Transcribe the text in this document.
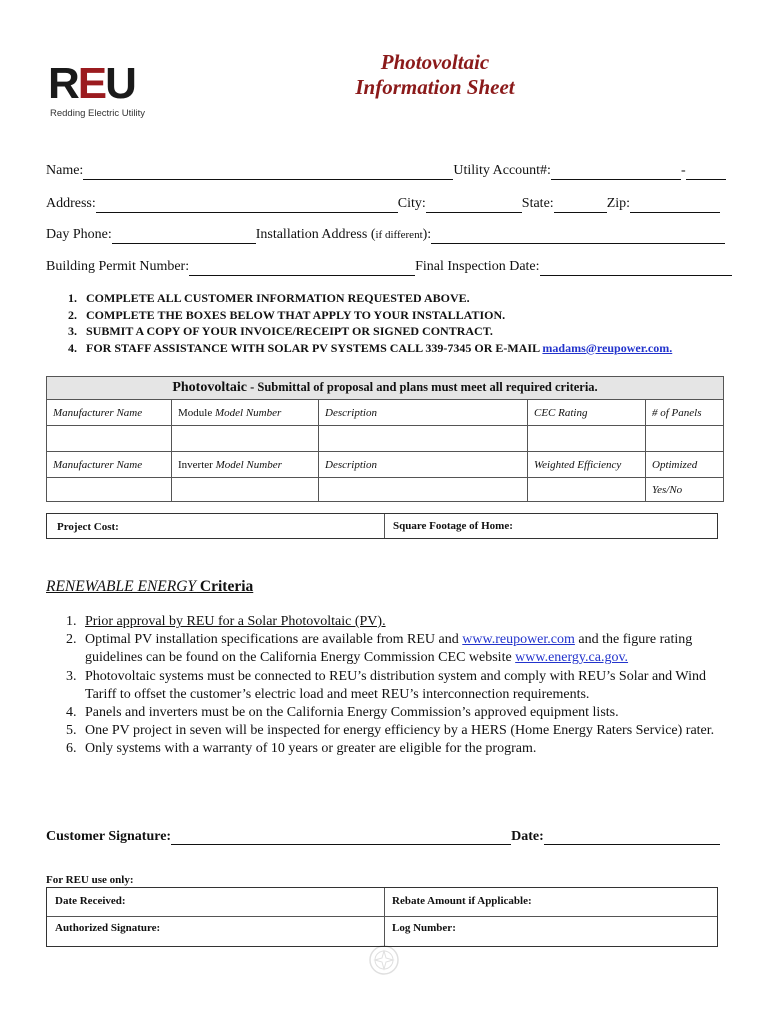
REU
Redding Electric Utility
Photovoltaic
Information Sheet
Name:	Utility Account#:	-
Address:	City:	State:	Zip:
Day Phone:	Installation Address (if different):
Building Permit Number:	Final Inspection Date:
1. COMPLETE ALL CUSTOMER INFORMATION REQUESTED ABOVE.
2. COMPLETE THE BOXES BELOW THAT APPLY TO YOUR INSTALLATION.
3. SUBMIT A COPY OF YOUR INVOICE/RECEIPT OR SIGNED CONTRACT.
4. FOR STAFF ASSISTANCE WITH SOLAR PV SYSTEMS CALL 339-7345 OR E-MAIL madams@reupower.com.
Photovoltaic - Submittal of proposal and plans must meet all required criteria.				
Manufacturer Name	Module Model Number	Description	CEC Rating	# of Panels

Manufacturer Name	Inverter Model Number	Description	Weighted Efficiency	Optimized
				Yes/No
Project Cost:	Square Footage of Home:
RENEWABLE ENERGY Criteria
1. Prior approval by REU for a Solar Photovoltaic (PV).
2. Optimal PV installation specifications are available from REU and www.reupower.com and the figure rating guidelines can be found on the California Energy Commission CEC website www.energy.ca.gov.
3. Photovoltaic systems must be connected to REU’s distribution system and comply with REU’s Solar and Wind Tariff to offset the customer’s electric load and meet REU’s interconnection requirements.
4. Panels and inverters must be on the California Energy Commission’s approved equipment lists.
5. One PV project in seven will be inspected for energy efficiency by a HERS (Home Energy Raters Service) rater.
6. Only systems with a warranty of 10 years or greater are eligible for the program.
Customer Signature:	Date:
For REU use only:
Date Received:	Rebate Amount if Applicable:
Authorized Signature:	Log Number:
